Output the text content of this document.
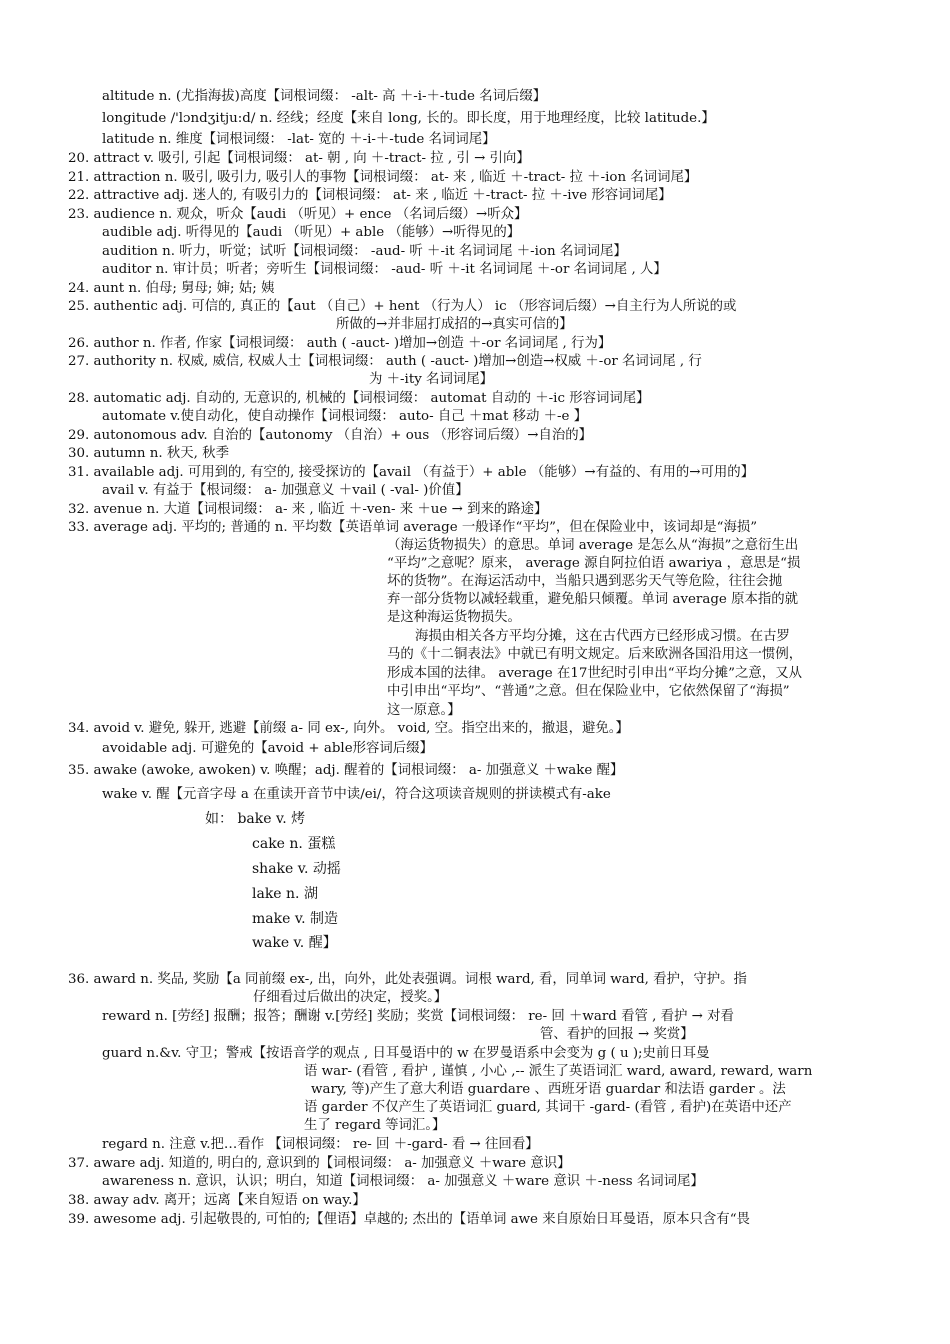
altitude n. (尤指海拔)高度【词根词缀： -alt- 高 ＋-i-＋-tude 名词后缀】
longitude /'lɔndʒitju:d/ n. 经线；经度【来自 long, 长的。即长度，用于地理经度，比较 latitude.】
latitude n. 维度【词根词缀： -lat- 宽的 ＋-i-＋-tude 名词词尾】
20. attract v. 吸引, 引起【词根词缀： at- 朝 , 向 ＋-tract- 拉 , 引 → 引向】
21. attraction n. 吸引, 吸引力, 吸引人的事物【词根词缀： at- 来 , 临近 ＋-tract- 拉 ＋-ion 名词词尾】
22. attractive adj. 迷人的, 有吸引力的【词根词缀： at- 来 , 临近 ＋-tract- 拉 ＋-ive 形容词词尾】
23. audience n. 观众，听众【audi （听见）+ ence （名词后缀）→听众】
audible adj. 听得见的【audi （听见）+ able （能够）→听得见的】
audition n. 听力，听觉；试听【词根词缀： -aud- 听 ＋-it 名词词尾 ＋-ion 名词词尾】
auditor n. 审计员；听者；旁听生【词根词缀： -aud- 听 ＋-it 名词词尾 ＋-or 名词词尾 , 人】
24. aunt n. 伯母; 舅母; 婶; 姑; 姨
25. authentic adj. 可信的, 真正的【aut （自己）+ hent （行为人） ic （形容词后缀）→自主行为人所说的或
所做的→并非屈打成招的→真实可信的】
26. author n. 作者, 作家【词根词缀： auth ( -auct- )增加→创造 ＋-or 名词词尾 , 行为】
27. authority n. 权威, 威信, 权威人士【词根词缀： auth ( -auct- )增加→创造→权威 ＋-or 名词词尾 , 行
为 ＋-ity 名词词尾】
28. automatic adj. 自动的, 无意识的, 机械的【词根词缀： automat 自动的 ＋-ic 形容词词尾】
automate v.使自动化，使自动操作【词根词缀： auto- 自己 ＋mat 移动 ＋-e 】
29. autonomous adv. 自治的【autonomy （自治）+ ous （形容词后缀）→自治的】
30. autumn n. 秋天, 秋季
31. available adj. 可用到的, 有空的, 接受探访的【avail （有益于）+ able （能够）→有益的、有用的→可用的】
avail v. 有益于【根词缀： a- 加强意义 ＋vail ( -val- )价值】
32. avenue n. 大道【词根词缀： a- 来 , 临近 ＋-ven- 来 ＋ue → 到来的路途】
33. average adj. 平均的; 普通的 n. 平均数【英语单词 average 一般译作“平均”，但在保险业中，该词却是“海损”
（海运货物损失）的意思。单词 average 是怎么从“海损”之意衍生出
“平均”之意呢？原来， average 源自阿拉伯语 awariya ，意思是“损
坏的货物”。在海运活动中，当船只遇到恶劣天气等危险，往往会抛
弃一部分货物以减轻载重，避免船只倾覆。单词 average 原本指的就
是这种海运货物损失。
海损由相关各方平均分摊，这在古代西方已经形成习惯。在古罗
马的《十二铜表法》中就已有明文规定。后来欧洲各国沿用这一惯例，
形成本国的法律。 average 在17世纪时引申出“平均分摊”之意，又从
中引申出“平均”、“普通”之意。但在保险业中，它依然保留了“海损”
这一原意。】
34. avoid v. 避免, 躲开, 逃避【前缀 a- 同 ex-, 向外。 void, 空。指空出来的，撤退，避免。】
avoidable adj. 可避免的【avoid + able形容词后缀】
35. awake (awoke, awoken) v. 唤醒；adj. 醒着的【词根词缀： a- 加强意义 ＋wake 醒】
wake v. 醒【元音字母 a 在重读开音节中读/ei/，符合这项读音规则的拼读模式有-ake
如： bake v. 烤
cake n. 蛋糕
shake v. 动摇
lake n. 湖
make v. 制造
wake v. 醒】
36. award n. 奖品, 奖励【a 同前缀 ex-, 出，向外，此处表强调。词根 ward, 看，同单词 ward, 看护，守护。指
仔细看过后做出的决定，授奖。】
reward n. [劳经] 报酬；报答；酬谢 v.[劳经] 奖励；奖赏【词根词缀： re- 回 ＋ward 看管 , 看护 → 对看
管、看护的回报 → 奖赏】
guard n.&v. 守卫；警戒【按语音学的观点 , 日耳曼语中的 w 在罗曼语系中会变为 g ( u );史前日耳曼
语 war- (看管 , 看护 , 谨慎 , 小心 ,-- 派生了英语词汇 ward, award, reward, warn
wary, 等)产生了意大利语 guardare 、西班牙语 guardar 和法语 garder 。法
语 garder 不仅产生了英语词汇 guard, 其词干 -gard- (看管 , 看护)在英语中还产
生了 regard 等词汇。】
regard n. 注意 v.把…看作 【词根词缀： re- 回 ＋-gard- 看 → 往回看】
37. aware adj. 知道的, 明白的, 意识到的【词根词缀： a- 加强意义 ＋ware 意识】
awareness n. 意识，认识；明白，知道【词根词缀： a- 加强意义 ＋ware 意识 ＋-ness 名词词尾】
38. away adv. 离开；远离【来自短语 on way.】
39. awesome adj. 引起敬畏的, 可怕的;【俚语】卓越的; 杰出的【语单词 awe 来自原始日耳曼语，原本只含有“畏
